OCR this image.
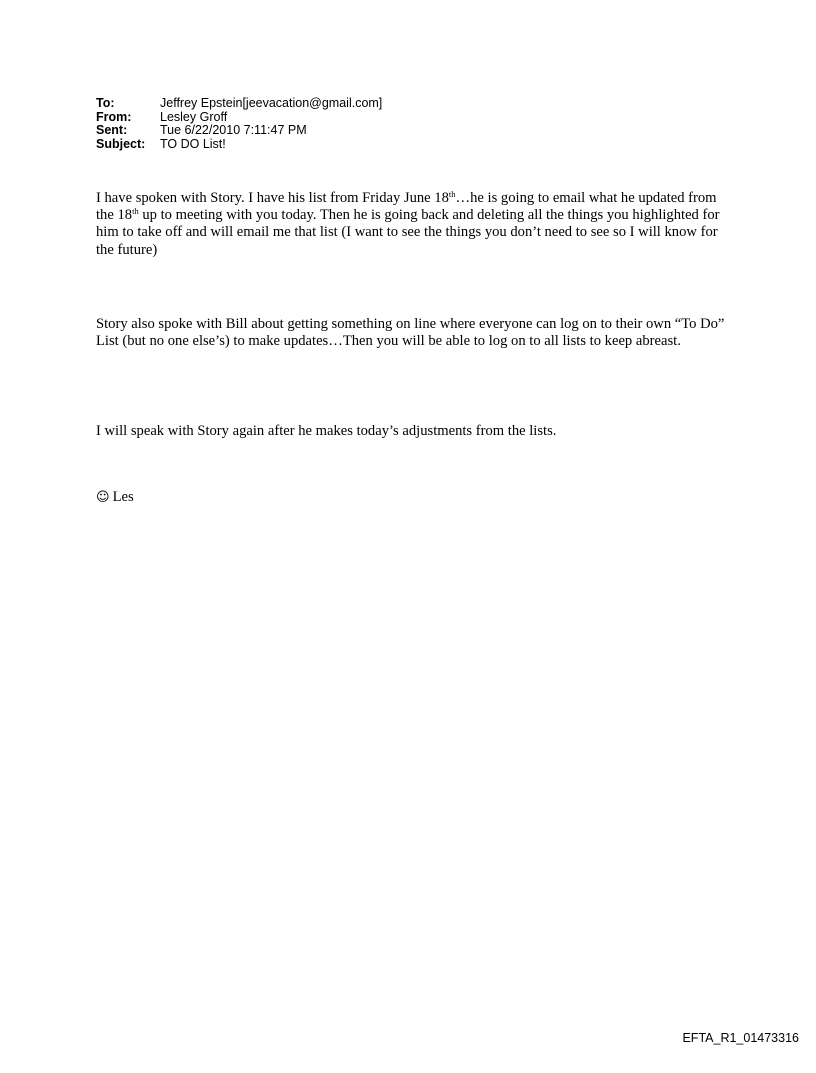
To:	Jeffrey Epstein[jeevacation@gmail.com]
From:	Lesley Groff
Sent:	Tue 6/22/2010 7:11:47 PM
Subject:	TO DO List!

I have spoken with Story. I have his list from Friday June 18th…he is going to email what he updated from the 18th up to meeting with you today. Then he is going back and deleting all the things you highlighted for him to take off and will email me that list (I want to see the things you don’t need to see so I will know for the future)

Story also spoke with Bill about getting something on line where everyone can log on to their own “To Do” List (but no one else’s) to make updates…Then you will be able to log on to all lists to keep abreast.

I will speak with Story again after he makes today’s adjustments from the lists.

☺ Les
EFTA_R1_01473316
